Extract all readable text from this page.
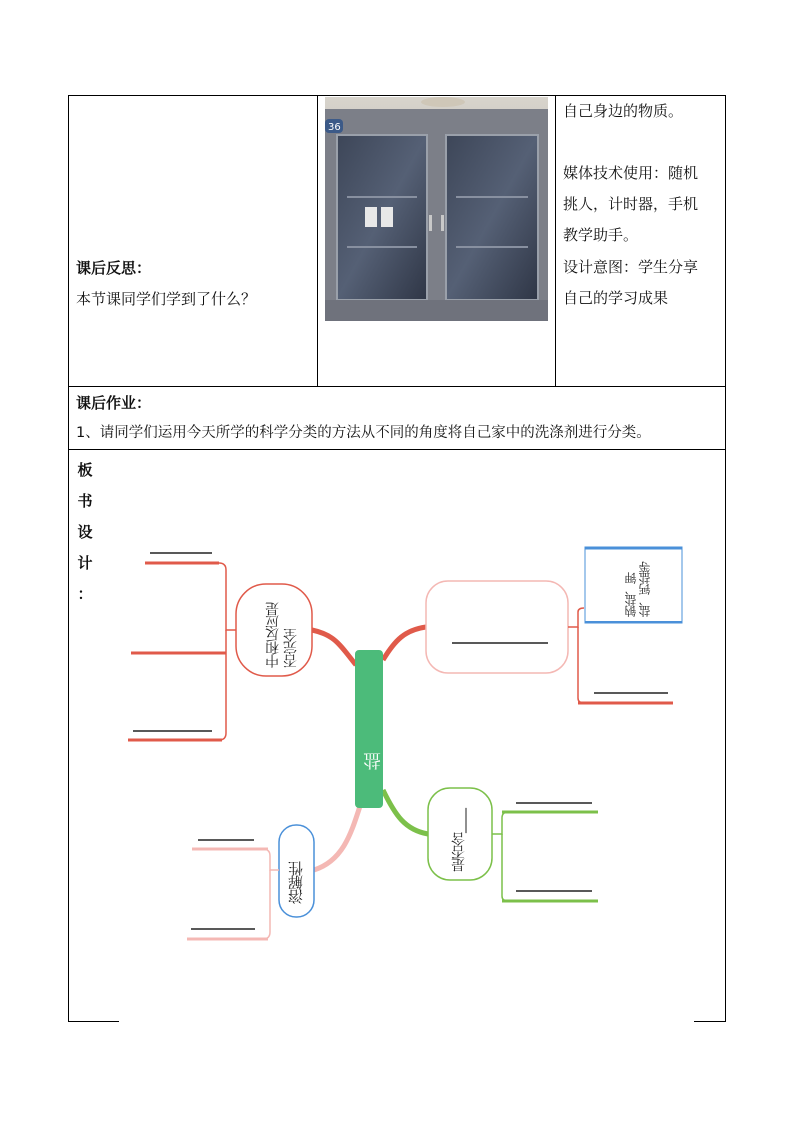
课后反思：
本节课同学们学到了什么？
36
自己身边的物质。
媒体技术使用：随机
挑人，计时器，手机
教学助手。
设计意图：学生分享
自己的学习成果
课后作业：
1、请同学们运用今天所学的科学分类的方法从不同的角度将自己家中的洗涤剂进行分类。
板
书
设
计
：
盐
中和反应是否完全
溶解性
是否含____
钠盐、钾盐、钙盐等
